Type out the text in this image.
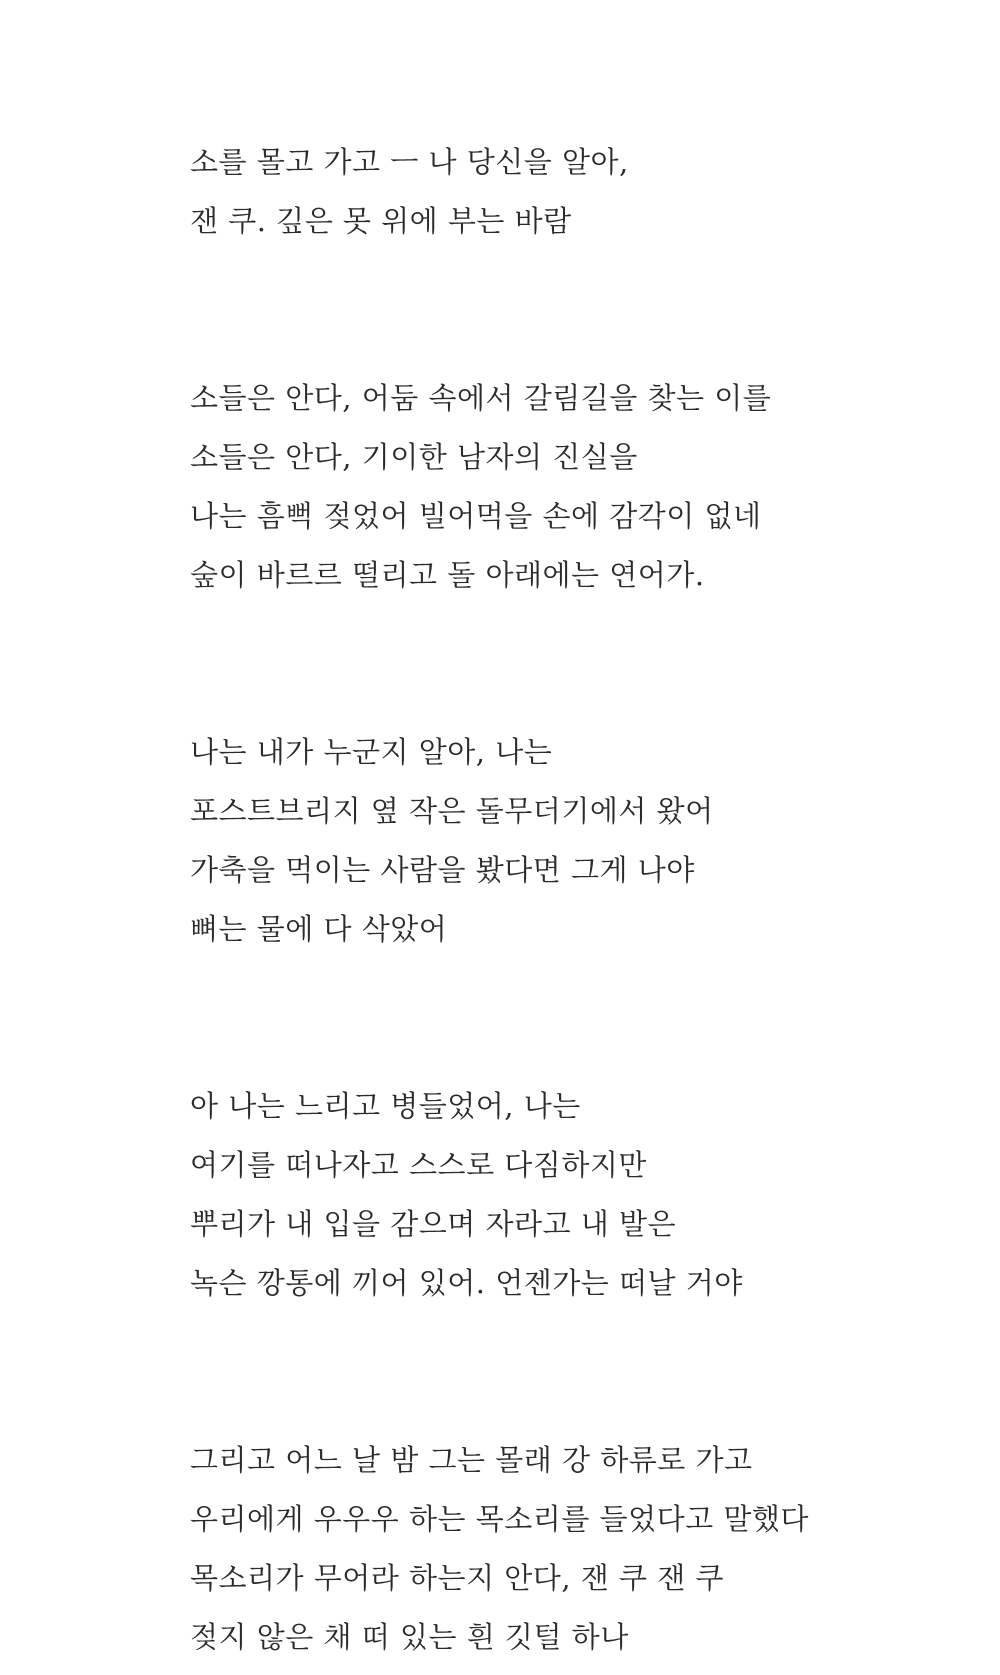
소를 몰고 가고 ㅡ 나 당신을 알아,
잰 쿠. 깊은 못 위에 부는 바람
소들은 안다, 어둠 속에서 갈림길을 찾는 이를
소들은 안다, 기이한 남자의 진실을
나는 흠뻑 젖었어 빌어먹을 손에 감각이 없네
숲이 바르르 떨리고 돌 아래에는 연어가.
나는 내가 누군지 알아, 나는
포스트브리지 옆 작은 돌무더기에서 왔어
가축을 먹이는 사람을 봤다면 그게 나야
뼈는 물에 다 삭았어
아 나는 느리고 병들었어, 나는
여기를 떠나자고 스스로 다짐하지만
뿌리가 내 입을 감으며 자라고 내 발은
녹슨 깡통에 끼어 있어. 언젠가는 떠날 거야
그리고 어느 날 밤 그는 몰래 강 하류로 가고
우리에게 우우우 하는 목소리를 들었다고 말했다
목소리가 무어라 하는지 안다, 잰 쿠 잰 쿠
젖지 않은 채 떠 있는 흰 깃털 하나
